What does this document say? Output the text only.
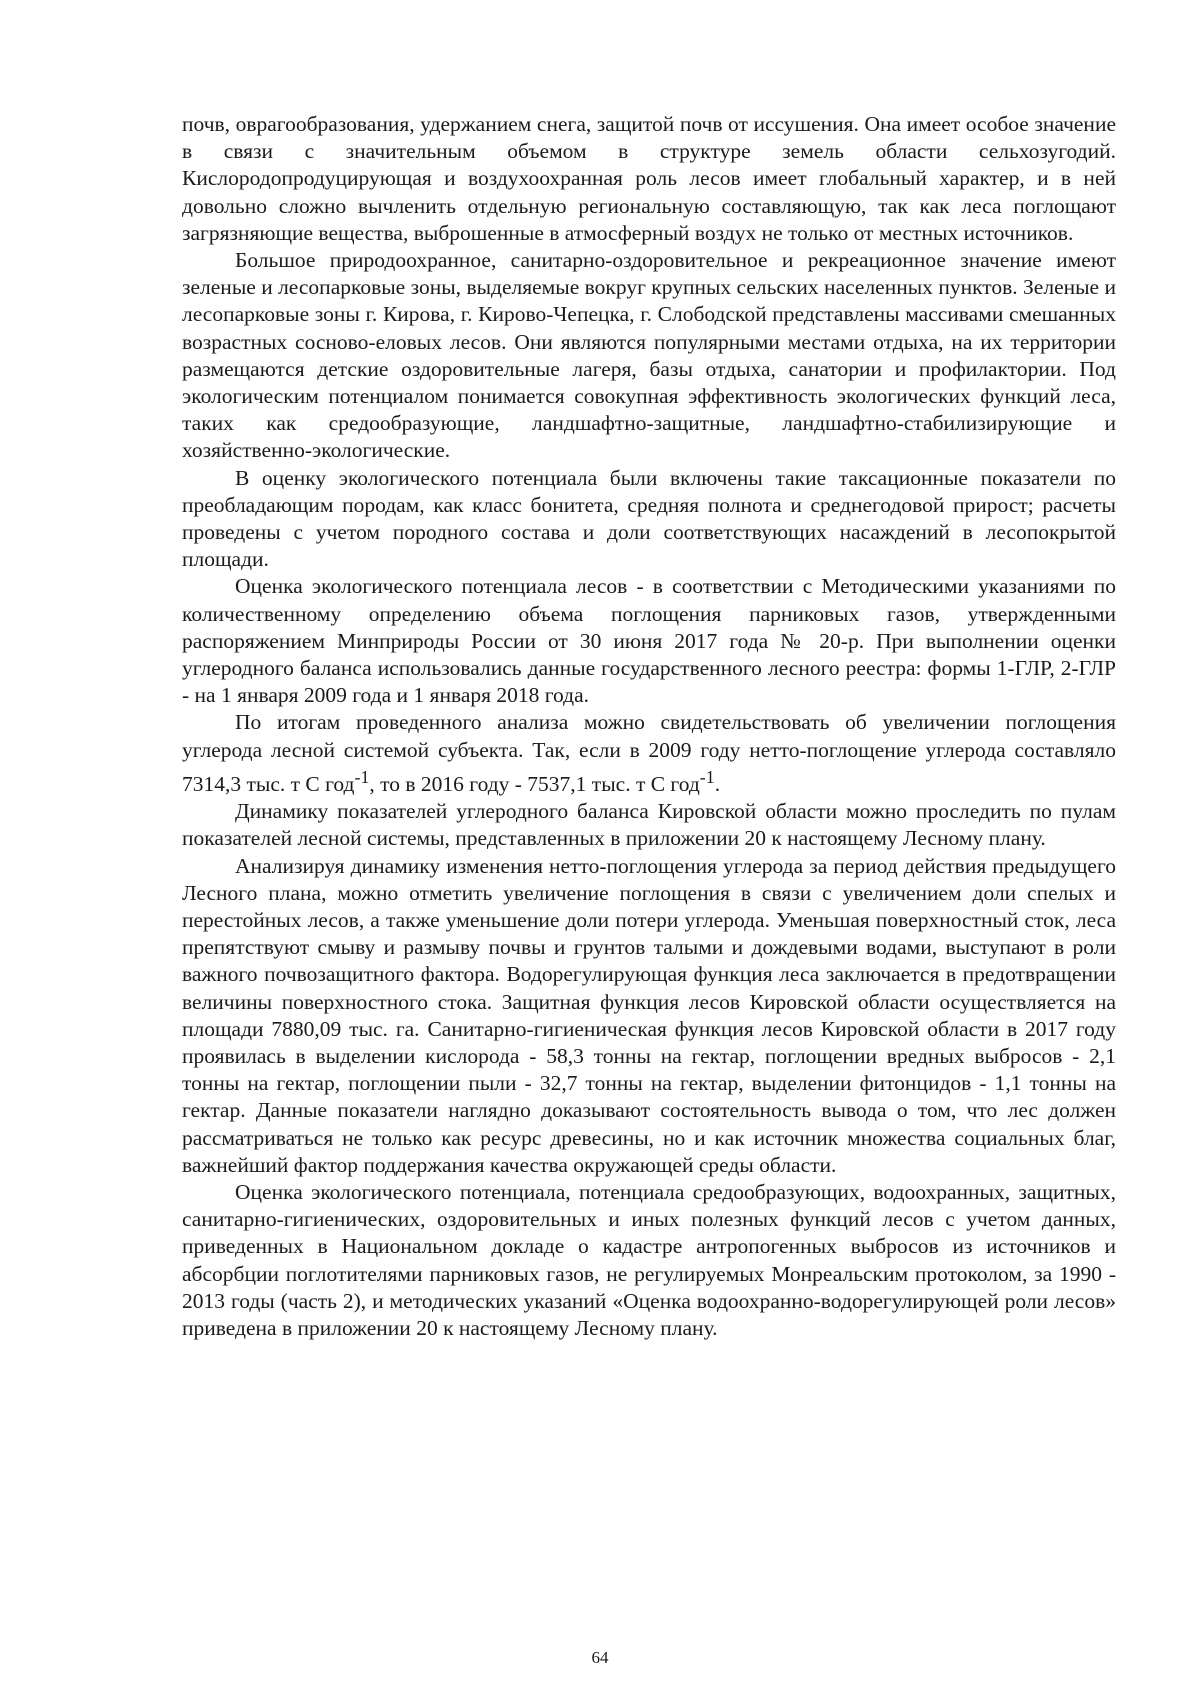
почв, оврагообразования, удержанием снега, защитой почв от иссушения. Она имеет особое значение в связи с значительным объемом в структуре земель области сельхозугодий. Кислородопродуцирующая и воздухоохранная роль лесов имеет глобальный характер, и в ней довольно сложно вычленить отдельную региональную составляющую, так как леса поглощают загрязняющие вещества, выброшенные в атмосферный воздух не только от местных источников.

Большое природоохранное, санитарно-оздоровительное и рекреационное значение имеют зеленые и лесопарковые зоны, выделяемые вокруг крупных сельских населенных пунктов. Зеленые и лесопарковые зоны г. Кирова, г. Кирово-Чепецка, г. Слободской представлены массивами смешанных возрастных сосново-еловых лесов. Они являются популярными местами отдыха, на их территории размещаются детские оздоровительные лагеря, базы отдыха, санатории и профилактории. Под экологическим потенциалом понимается совокупная эффективность экологических функций леса, таких как средообразующие, ландшафтно-защитные, ландшафтно-стабилизирующие и хозяйственно-экологические.

В оценку экологического потенциала были включены такие таксационные показатели по преобладающим породам, как класс бонитета, средняя полнота и среднегодовой прирост; расчеты проведены с учетом породного состава и доли соответствующих насаждений в лесопокрытой площади.

Оценка экологического потенциала лесов - в соответствии с Методическими указаниями по количественному определению объема поглощения парниковых газов, утвержденными распоряжением Минприроды России от 30 июня 2017 года № 20-р. При выполнении оценки углеродного баланса использовались данные государственного лесного реестра: формы 1-ГЛР, 2-ГЛР - на 1 января 2009 года и 1 января 2018 года.

По итогам проведенного анализа можно свидетельствовать об увеличении поглощения углерода лесной системой субъекта. Так, если в 2009 году нетто-поглощение углерода составляло 7314,3 тыс. т С год$^{-1}$, то в 2016 году - 7537,1 тыс. т С год$^{-1}$.

Динамику показателей углеродного баланса Кировской области можно проследить по пулам показателей лесной системы, представленных в приложении 20 к настоящему Лесному плану.

Анализируя динамику изменения нетто-поглощения углерода за период действия предыдущего Лесного плана, можно отметить увеличение поглощения в связи с увеличением доли спелых и перестойных лесов, а также уменьшение доли потери углерода. Уменьшая поверхностный сток, леса препятствуют смыву и размыву почвы и грунтов талыми и дождевыми водами, выступают в роли важного почвозащитного фактора. Водорегулирующая функция леса заключается в предотвращении величины поверхностного стока. Защитная функция лесов Кировской области осуществляется на площади 7880,09 тыс. га. Санитарно-гигиеническая функция лесов Кировской области в 2017 году проявилась в выделении кислорода - 58,3 тонны на гектар, поглощении вредных выбросов - 2,1 тонны на гектар, поглощении пыли - 32,7 тонны на гектар, выделении фитонцидов - 1,1 тонны на гектар. Данные показатели наглядно доказывают состоятельность вывода о том, что лес должен рассматриваться не только как ресурс древесины, но и как источник множества социальных благ, важнейший фактор поддержания качества окружающей среды области.

Оценка экологического потенциала, потенциала средообразующих, водоохранных, защитных, санитарно-гигиенических, оздоровительных и иных полезных функций лесов с учетом данных, приведенных в Национальном докладе о кадастре антропогенных выбросов из источников и абсорбции поглотителями парниковых газов, не регулируемых Монреальским протоколом, за 1990 - 2013 годы (часть 2), и методических указаний «Оценка водоохранно-водорегулирующей роли лесов» приведена в приложении 20 к настоящему Лесному плану.

64
